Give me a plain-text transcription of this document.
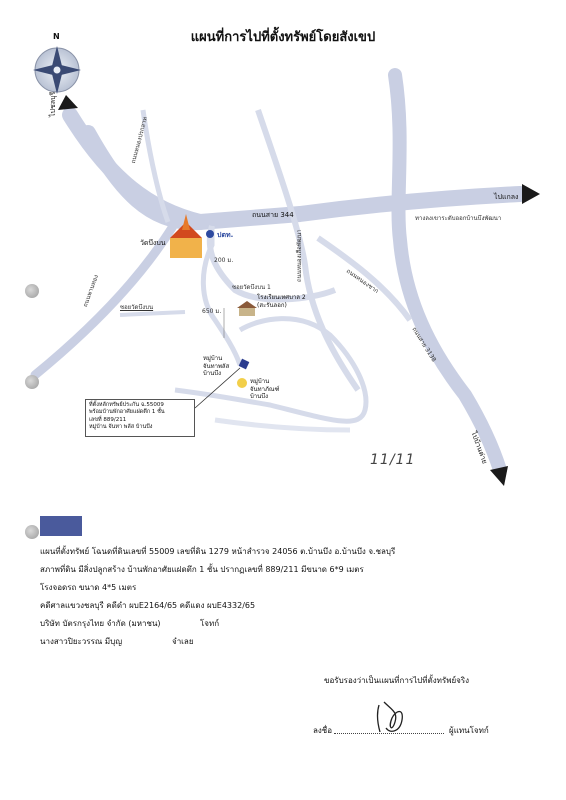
แผนที่การไปที่ตั้งทรัพย์โดยสังเขป
N
ไปชลบุรี
ไปแกลง
ไปบ้านค่าย
ถนนสาย 344
ถนนสาย 3138
ถนนหนองปรกสาท
ถนนพานทอง
ถนนหนองเสือพัฒนา	ถนนหนองชาก
ซอยวัดบึงบน 1
ซอยวัดบึงบน
ทางลงเขาระดับออกบ้านบึงพัฒนา
วัดบึงบน
ปตท.
โรงเรียนเทศบาล 2
(สะรันลอก)
หมู่บ้าน
จันทาพลัส
บ้านบึง
หมู่บ้าน
จันทาภัณฑ์
บ้านบึง
200 ม.
650 ม.
ที่ตั้งหลักทรัพย์ประกัน ฉ.55009
พร้อมบ้านพักอาศัยแฝดตึก 1 ชั้น
เลขที่ 889/211
หมู่บ้าน จันทา พลัส บ้านบึง
11/11
แผนที่ตั้งทรัพย์ โฉนดที่ดินเลขที่ 55009 เลขที่ดิน 1279 หน้าสำรวจ 24056 ต.บ้านบึง อ.บ้านบึง จ.ชลบุรี
สภาพที่ดิน มีสิ่งปลูกสร้าง บ้านพักอาศัยแฝดตึก 1 ชั้น ปรากฏเลขที่ 889/211 มีขนาด 6*9 เมตร
โรงจอดรถ ขนาด 4*5 เมตร
คดีศาลแขวงชลบุรี คดีดำ ผบE2164/65 คดีแดง ผบE4332/65
บริษัท บัตรกรุงไทย จำกัด (มหาชน)	โจทก์
นางสาวปิยะวรรณ มีบุญ	จำเลย
ขอรับรองว่าเป็นแผนที่การไปที่ตั้งทรัพย์จริง
ลงชื่อ	ผู้แทนโจทก์
